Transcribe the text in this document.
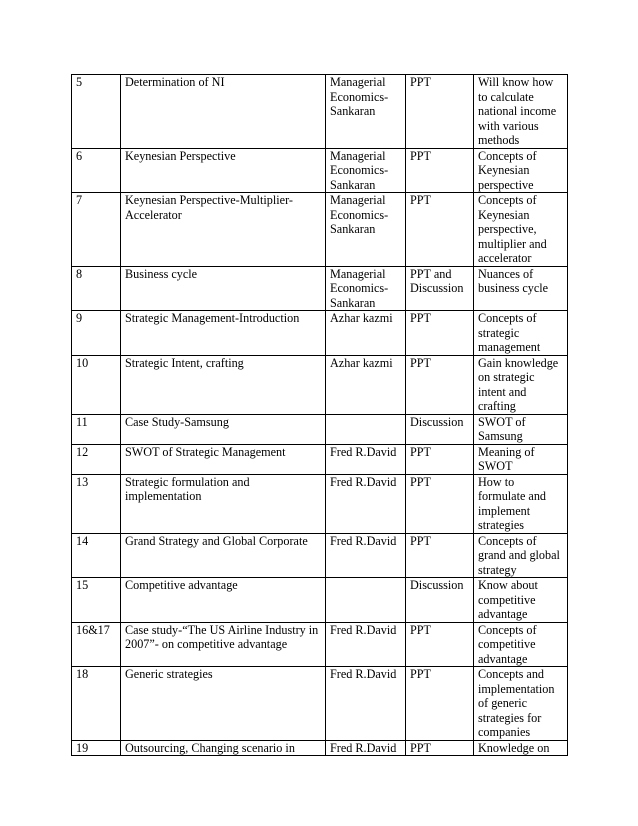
5	Determination of NI	Managerial Economics-Sankaran	PPT	Will know how to calculate national income with various methods
6	Keynesian Perspective	Managerial Economics-Sankaran	PPT	Concepts of Keynesian perspective
7	Keynesian Perspective-Multiplier-Accelerator	Managerial Economics-Sankaran	PPT	Concepts of Keynesian perspective, multiplier and accelerator
8	Business cycle	Managerial Economics-Sankaran	PPT and Discussion	Nuances of business cycle
9	Strategic Management-Introduction	Azhar kazmi	PPT	Concepts of strategic management
10	Strategic Intent, crafting	Azhar kazmi	PPT	Gain knowledge on strategic intent and crafting
11	Case Study-Samsung		Discussion	SWOT of Samsung
12	SWOT of Strategic Management	Fred R.David	PPT	Meaning of SWOT
13	Strategic formulation and implementation	Fred R.David	PPT	How to formulate and implement strategies
14	Grand Strategy and Global Corporate	Fred R.David	PPT	Concepts of grand and global strategy
15	Competitive advantage		Discussion	Know about competitive advantage
16&17	Case study-“The US Airline Industry in 2007”- on competitive advantage	Fred R.David	PPT	Concepts of competitive advantage
18	Generic strategies	Fred R.David	PPT	Concepts and implementation of generic strategies for companies
19	Outsourcing, Changing scenario in	Fred R.David	PPT	Knowledge on
